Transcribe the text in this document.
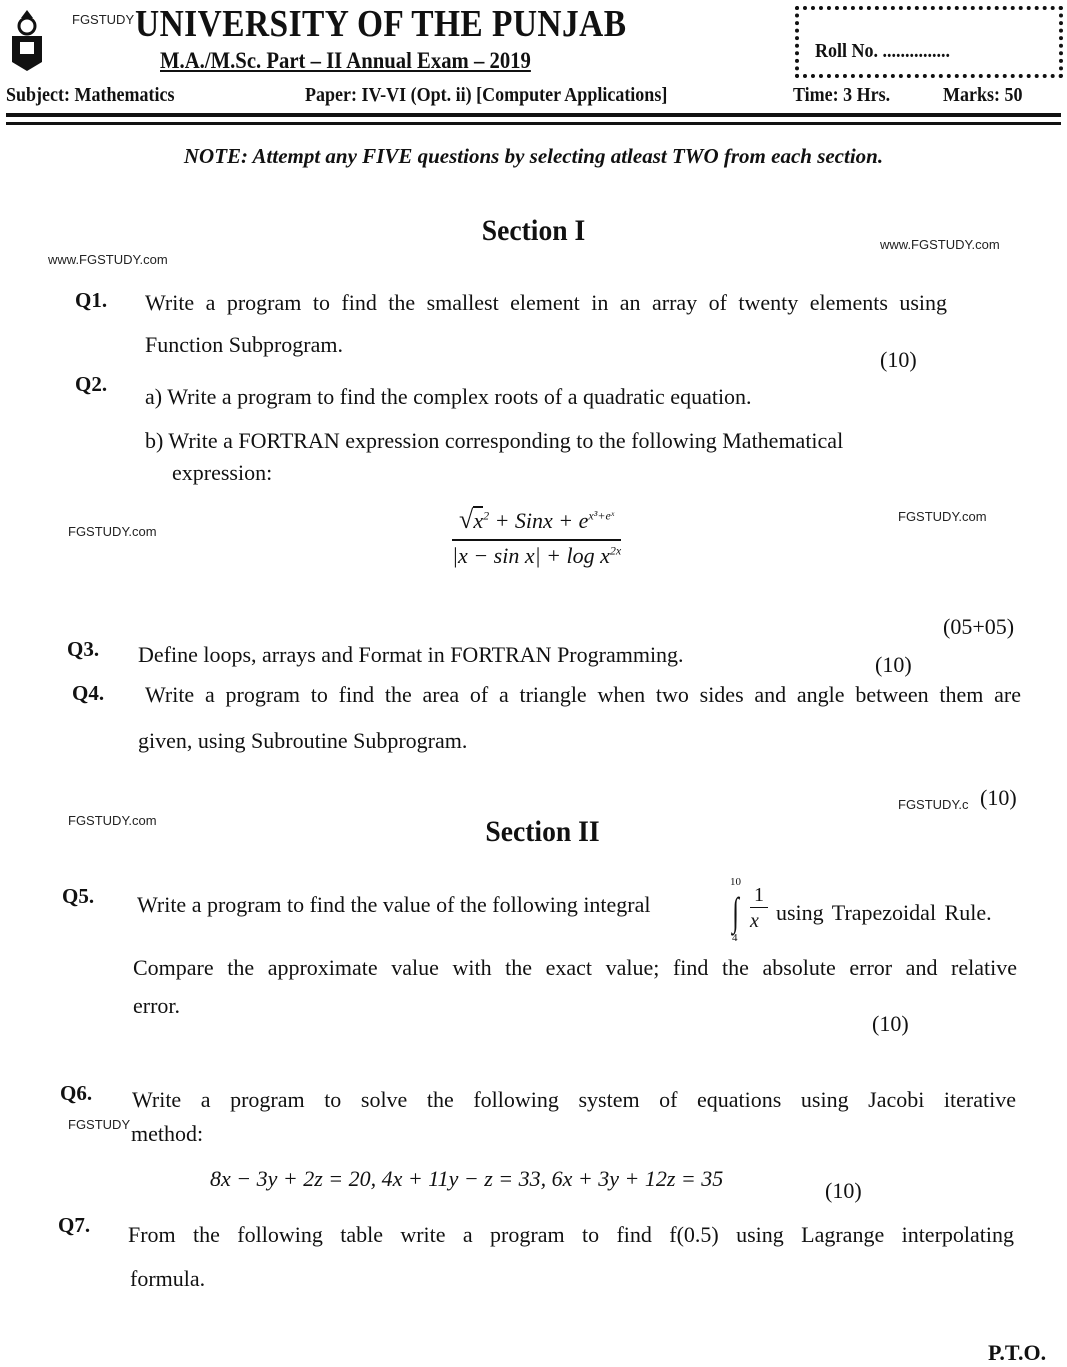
FGSTUDY UNIVERSITY OF THE PUNJAB
M.A./M.Sc. Part – II Annual Exam – 2019	Roll No. ...............
Subject: Mathematics	Paper: IV-VI (Opt. ii) [Computer Applications]	Time: 3 Hrs.	Marks: 50
NOTE: Attempt any FIVE questions by selecting atleast TWO from each section.
Section I
www.FGSTUDY.com
www.FGSTUDY.com
Q1. Write a program to find the smallest element in an array of twenty elements using
Function Subprogram.
(10)
Q2. a) Write a program to find the complex roots of a quadratic equation.
b) Write a FORTRAN expression corresponding to the following Mathematical
expression:
FGSTUDY.com
FGSTUDY.com
$√x^2$ + Sinx + $e^{x^3+eˣ}$
$|x - \sin x| + \log x^{2x}$
(05+05)
Q3. Define loops, arrays and Format in FORTRAN Programming.	(10)
Q4. Write a program to find the area of a triangle when two sides and angle between them are
given, using Subroutine Subprogram.
FGSTUDY.c (10)
FGSTUDY.com	Section II
Q5. Write a program to find the value of the following integral
10
∫
4
1
x using Trapezoidal Rule.
Compare the approximate value with the exact value; find the absolute error and relative
error.
(10)
Q6. Write a program to solve the following system of equations using Jacobi iterative
FGSTUDY method:
8x − 3y + 2z = 20, 4x + 11y − z = 33, 6x + 3y + 12z = 35	(10)
Q7. From the following table write a program to find f(0.5) using Lagrange interpolating
formula.
P.T.O.
